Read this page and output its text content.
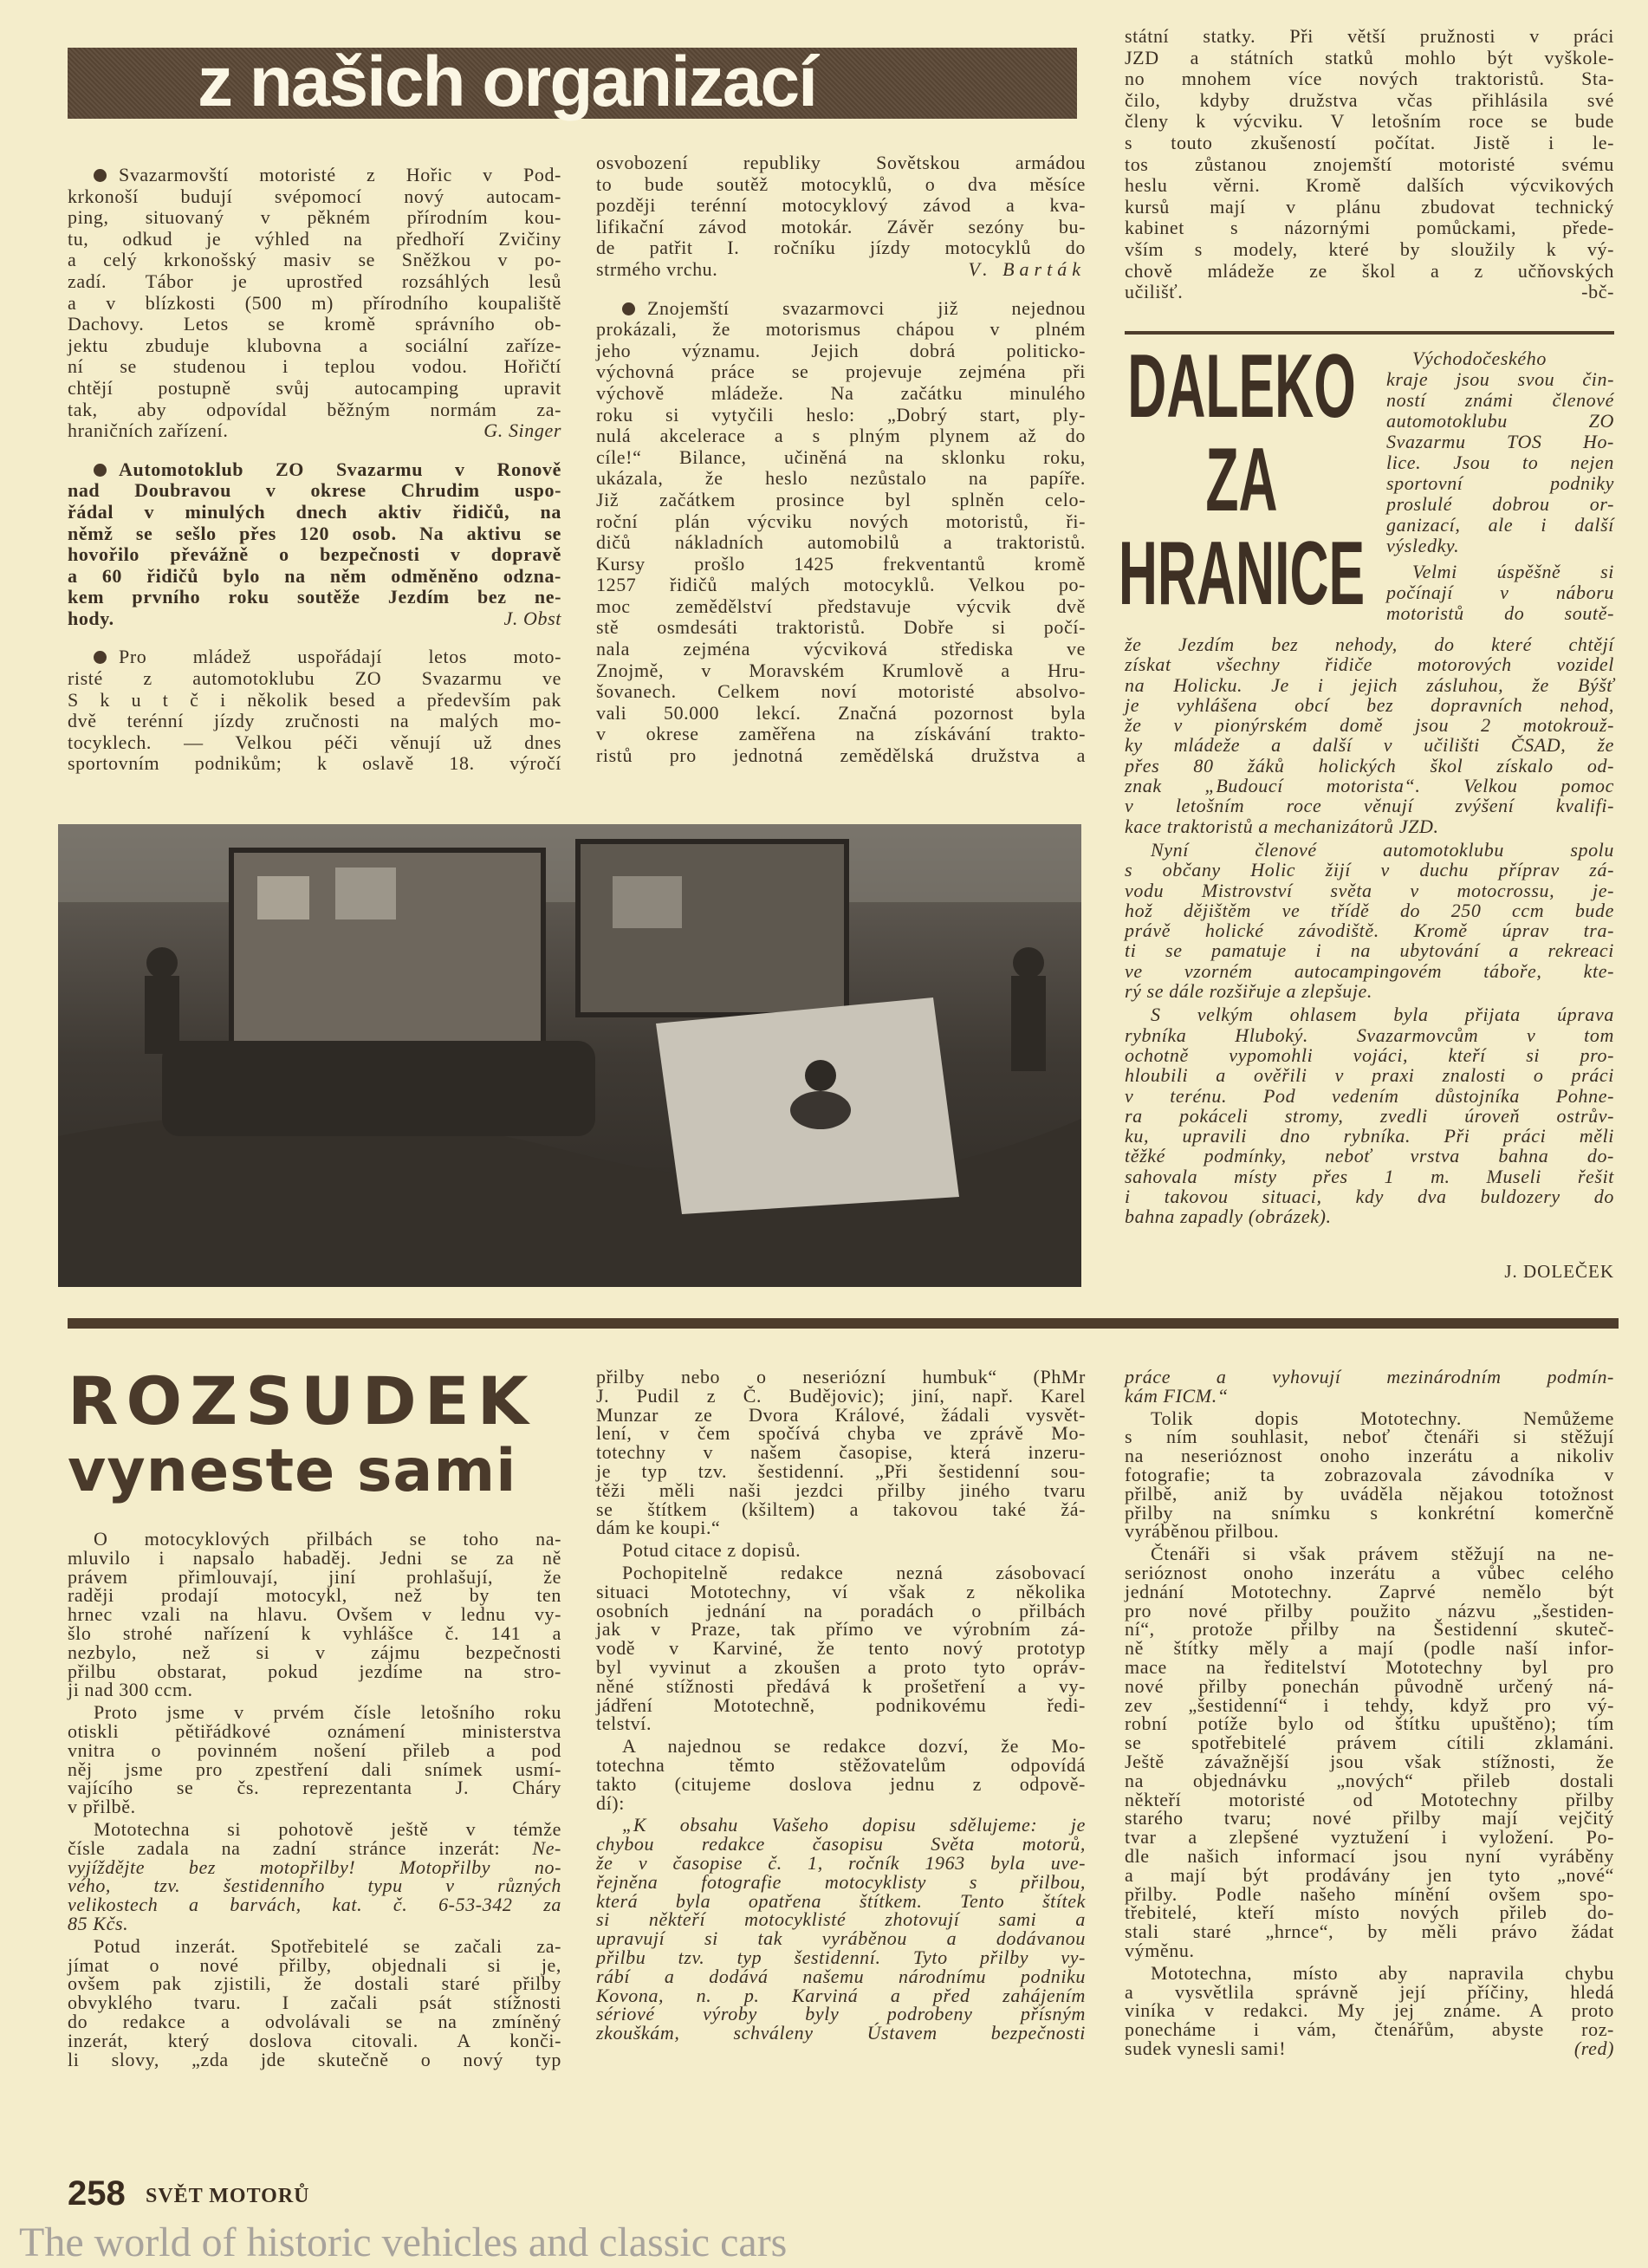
z našich organizací
Svazarmovští motoristé z Hořic v Pod-
krkonoší budují svépomocí nový autocam-
ping, situovaný v pěkném přírodním kou-
tu, odkud je výhled na předhoří Zvičiny
a celý krkonošský masiv se Sněžkou v po-
zadí. Tábor je uprostřed rozsáhlých lesů
a v blízkosti (500 m) přírodního koupaliště
Dachovy. Letos se kromě správního ob-
jektu zbuduje klubovna a sociální zaříze-
ní se studenou i teplou vodou. Hořičtí
chtějí postupně svůj autocamping upravit
tak, aby odpovídal běžným normám za-
hraničních zařízení.	G. Singer
Automotoklub ZO Svazarmu v Ronově
nad Doubravou v okrese Chrudim uspo-
řádal v minulých dnech aktiv řidičů, na
němž se sešlo přes 120 osob. Na aktivu se
hovořilo převážně o bezpečnosti v dopravě
a 60 řidičů bylo na něm odměněno odzna-
kem prvního roku soutěže Jezdím bez ne-
hody.	J. Obst
Pro mládež uspořádají letos moto-
risté z automotoklubu ZO Svazarmu ve
S k u t č i několik besed a především pak
dvě terénní jízdy zručnosti na malých mo-
tocyklech. — Velkou péči věnují už dnes
sportovním podnikům; k oslavě 18. výročí
osvobození republiky Sovětskou armádou
to bude soutěž motocyklů, o dva měsíce
později terénní motocyklový závod a kva-
lifikační závod motokár. Závěr sezóny bu-
de patřit I. ročníku jízdy motocyklů do
strmého vrchu.	V. Barták
Znojemští svazarmovci již nejednou
prokázali, že motorismus chápou v plném
jeho významu. Jejich dobrá politicko-
výchovná práce se projevuje zejména při
výchově mládeže. Na začátku minulého
roku si vytyčili heslo: „Dobrý start, ply-
nulá akcelerace a s plným plynem až do
cíle!“ Bilance, učiněná na sklonku roku,
ukázala, že heslo nezůstalo na papíře.
Již začátkem prosince byl splněn celo-
roční plán výcviku nových motoristů, ři-
dičů nákladních automobilů a traktoristů.
Kursy prošlo 1425 frekventantů kromě
1257 řidičů malých motocyklů. Velkou po-
moc zemědělství představuje výcvik dvě
stě osmdesáti traktoristů. Dobře si počí-
nala zejména výcviková střediska ve
Znojmě, v Moravském Krumlově a Hru-
šovanech. Celkem noví motoristé absolvo-
vali 50.000 lekcí. Značná pozornost byla
v okrese zaměřena na získávání trakto-
ristů pro jednotná zemědělská družstva a
státní statky. Při větší pružnosti v práci
JZD a státních statků mohlo být vyškole-
no mnohem více nových traktoristů. Sta-
čilo, kdyby družstva včas přihlásila své
členy k výcviku. V letošním roce se bude
s touto zkušeností počítat. Jistě i le-
tos zůstanou znojemští motoristé svému
heslu věrni. Kromě dalších výcvikových
kursů mají v plánu zbudovat technický
kabinet s názornými pomůckami, přede-
vším s modely, které by sloužily k vý-
chově mládeže ze škol a z učňovských
učilišť.	-bč-
DALEKO
ZA
HRANICE
Východočeského
kraje jsou svou čin-
ností známi členové
automotoklubu ZO
Svazarmu TOS Ho-
lice. Jsou to nejen
sportovní podniky
proslulé dobrou or-
ganizací, ale i další
výsledky.
Velmi úspěšně si
počínají v náboru
motoristů do soutě-
že Jezdím bez nehody, do které chtějí
získat všechny řidiče motorových vozidel
na Holicku. Je i jejich zásluhou, že Býšť
je vyhlášena obcí bez dopravních nehod,
že v pionýrském domě jsou 2 motokrouž-
ky mládeže a další v učilišti ČSAD, že
přes 80 žáků holických škol získalo od-
znak „Budoucí motorista“. Velkou pomoc
v letošním roce věnují zvýšení kvalifi-
kace traktoristů a mechanizátorů JZD.
Nyní členové automotoklubu spolu
s občany Holic žijí v duchu příprav zá-
vodu Mistrovství světa v motocrossu, je-
hož dějištěm ve třídě do 250 ccm bude
právě holické závodiště. Kromě úprav tra-
ti se pamatuje i na ubytování a rekreaci
ve vzorném autocampingovém táboře, kte-
rý se dále rozšiřuje a zlepšuje.
S velkým ohlasem byla přijata úprava
rybníka Hluboký. Svazarmovcům v tom
ochotně vypomohli vojáci, kteří si pro-
hloubili a ověřili v praxi znalosti o práci
v terénu. Pod vedením důstojníka Pohne-
ra pokáceli stromy, zvedli úroveň ostrův-
ku, upravili dno rybníka. Při práci měli
těžké podmínky, neboť vrstva bahna do-
sahovala místy přes 1 m. Museli řešit
i takovou situaci, kdy dva buldozery do
bahna zapadly (obrázek).
J. DOLEČEK
ROZSUDEK
vyneste sami
O motocyklových přilbách se toho na-
mluvilo i napsalo habaděj. Jedni se za ně
právem přimlouvají, jiní prohlašují, že
raději prodají motocykl, než by ten
hrnec vzali na hlavu. Ovšem v lednu vy-
šlo strohé nařízení k vyhlášce č. 141 a
nezbylo, než si v zájmu bezpečnosti
přilbu obstarat, pokud jezdíme na stro-
ji nad 300 ccm.
Proto jsme v prvém čísle letošního roku
otiskli pětiřádkové oznámení ministerstva
vnitra o povinném nošení přileb a pod
něj jsme pro zpestření dali snímek usmí-
vajícího se čs. reprezentanta J. Cháry
v přilbě.
Mototechna si pohotově ještě v témže
čísle zadala na zadní stránce inzerát: Ne-
vyjíždějte bez motopřilby! Motopřilby no-
vého, tzv. šestidenního typu v různých
velikostech a barvách, kat. č. 6-53-342 za
85 Kčs.
Potud inzerát. Spotřebitelé se začali za-
jímat o nové přilby, objednali si je,
ovšem pak zjistili, že dostali staré přilby
obvyklého tvaru. I začali psát stížnosti
do redakce a odvolávali se na zmíněný
inzerát, který doslova citovali. A konči-
li slovy, „zda jde skutečně o nový typ
přilby nebo o neseriózní humbuk“ (PhMr
J. Pudil z Č. Budějovic); jiní, např. Karel
Munzar ze Dvora Králové, žádali vysvět-
lení, v čem spočívá chyba ve zprávě Mo-
totechny v našem časopise, která inzeru-
je typ tzv. šestidenní. „Při šestidenní sou-
těži měli naši jezdci přilby jiného tvaru
se štítkem (kšiltem) a takovou také žá-
dám ke koupi.“
Potud citace z dopisů.
Pochopitelně redakce nezná zásobovací
situaci Mototechny, ví však z několika
osobních jednání na poradách o přilbách
jak v Praze, tak přímo ve výrobním zá-
vodě v Karviné, že tento nový prototyp
byl vyvinut a zkoušen a proto tyto opráv-
něné stížnosti předává k prošetření a vy-
jádření Mototechně, podnikovému ředi-
telství.
A najednou se redakce dozví, že Mo-
totechna těmto stěžovatelům odpovídá
takto (citujeme doslova jednu z odpově-
dí):
„K obsahu Vašeho dopisu sdělujeme: je
chybou redakce časopisu Světa motorů,
že v časopise č. 1, ročník 1963 byla uve-
řejněna fotografie motocyklisty s přilbou,
která byla opatřena štítkem. Tento štítek
si někteří motocyklisté zhotovují sami a
upravují si tak vyráběnou a dodávanou
přilbu tzv. typ šestidenní. Tyto přilby vy-
rábí a dodává našemu národnímu podniku
Kovona, n. p. Karviná a před zahájením
sériové výroby byly podrobeny přísným
zkouškám, schváleny Ústavem bezpečnosti
práce a vyhovují mezinárodním podmín-
kám FICM.“
Tolik dopis Mototechny. Nemůžeme
s ním souhlasit, neboť čtenáři si stěžují
na neserióznost onoho inzerátu a nikoliv
fotografie; ta zobrazovala závodníka v
přilbě, aniž by uváděla nějakou totožnost
přilby na snímku s konkrétní komerčně
vyráběnou přilbou.
Čtenáři si však právem stěžují na ne-
serióznost onoho inzerátu a vůbec celého
jednání Mototechny. Zaprvé nemělo být
pro nové přilby použito názvu „šestiden-
ní“, protože přilby na Šestidenní skuteč-
ně štítky měly a mají (podle naší infor-
mace na ředitelství Mototechny byl pro
nové přilby ponechán původně určený ná-
zev „šestidenní“ i tehdy, když pro vý-
robní potíže bylo od štítku upuštěno); tím
se spotřebitelé právem cítili zklamáni.
Ještě závažnější jsou však stížnosti, že
na objednávku „nových“ přileb dostali
někteří motoristé od Mototechny přilby
starého tvaru; nové přilby mají vejčitý
tvar a zlepšené vyztužení i vyložení. Po-
dle našich informací jsou nyní vyráběny
a mají být prodávány jen tyto „nové“
přilby. Podle našeho mínění ovšem spo-
třebitelé, kteří místo nových přileb do-
stali staré „hrnce“, by měli právo žádat
výměnu.
Mototechna, místo aby napravila chybu
a vysvětlila správně její příčiny, hledá
viníka v redakci. My jej známe. A proto
ponecháme i vám, čtenářům, abyste roz-
sudek vynesli sami!	(red)
258 SVĚT MOTORŮ
The world of historic vehicles and classic cars
